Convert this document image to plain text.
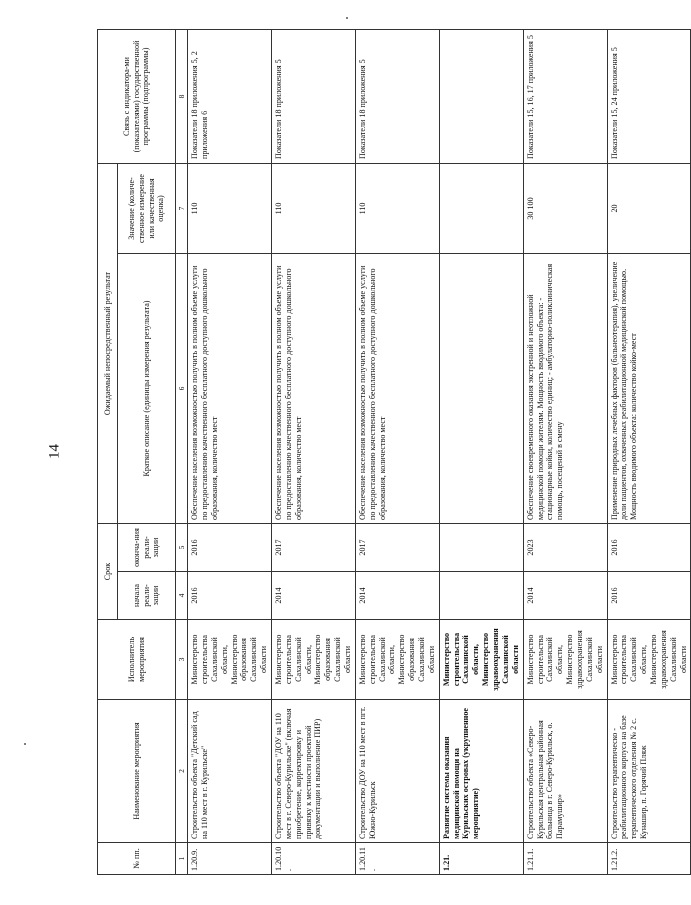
14
№ пп.	Наименование мероприятия	Исполнитель мероприятия	Срок		Ожидаемый непосредственный результат		Связь с индикатора-ми (показателями) государственной программы (подпрограммы)
			начала реали-зации	оконча-ния реали-зации	Краткое описание (единицы измерения результата)	Значение (количе-ственное измерение или качественная оценка)	
1	2	3	4	5	6	7	8
1.20.9.	Строительство объекта "Детский сад на 110 мест в г. Курильске"	Министерство строительства Сахалинской области, Министерство образования Сахалинской области	2016	2016	Обеспечение населения возможностью получить в полном объеме услуги по предоставлению качественного бесплатного доступного дошкольного образования, количество мест	110	Показатели 18 приложения 5, 2 приложения 6
1.20.10.	Строительство объекта "ДОУ на 110 мест в г. Северо-Курильске" (включая приобретение, корректировку и привязку к местности проектной документации и выполнение ПИР)	Министерство строительства Сахалинской области, Министерство образования Сахалинской области	2014	2017	Обеспечение населения возможностью получить в полном объеме услуги по предоставлению качественного бесплатного доступного дошкольного образования, количество мест	110	Показатели 18 приложения 5
1.20.11.	Строительство ДОУ на 110 мест в пгт. Южно-Курильск	Министерство строительства Сахалинской области, Министерство образования Сахалинской области	2014	2017	Обеспечение населения возможностью получить в полном объеме услуги по предоставлению качественного бесплатного доступного дошкольного образования, количество мест	110	Показатели 18 приложения 5
1.21.	Развитие системы оказания медицинской помощи на Курильских островах (укрупненное мероприятие)	Министерство строительства Сахалинской области, Министерство здравоохранения Сахалинской области					
1.21.1.	Строительство объекта «Северо-Курильская центральная районная больница в г. Северо-Курильск, о. Парамушир»	Министерство строительства Сахалинской области, Министерство здравоохранения Сахалинской области	2014	2023	Обеспечение своевременного оказания экстренной и неотложной медицинской помощи жителям. Мощность вводимого объекта: - стационарные койки, количество единиц; - амбулаторно-поликлиническая помощь, посещений в смену	30 100	Показатели 15, 16, 17 приложения 5
1.21.2.	Строительство терапевтическо - реабилитационного корпуса на базе терапевтического отделения № 2 с. Кунашир, п. Горячий Пляж	Министерство строительства Сахалинской области, Министерство здравоохранения Сахалинской области	2016	2016	Применение природных лечебных факторов (бальнеотерапия), увеличение доли пациентов, охваченных реабилитационной медицинской помощью. Мощность вводимого объекта: количество койко-мест	20	Показатели 15, 24 приложения 5
